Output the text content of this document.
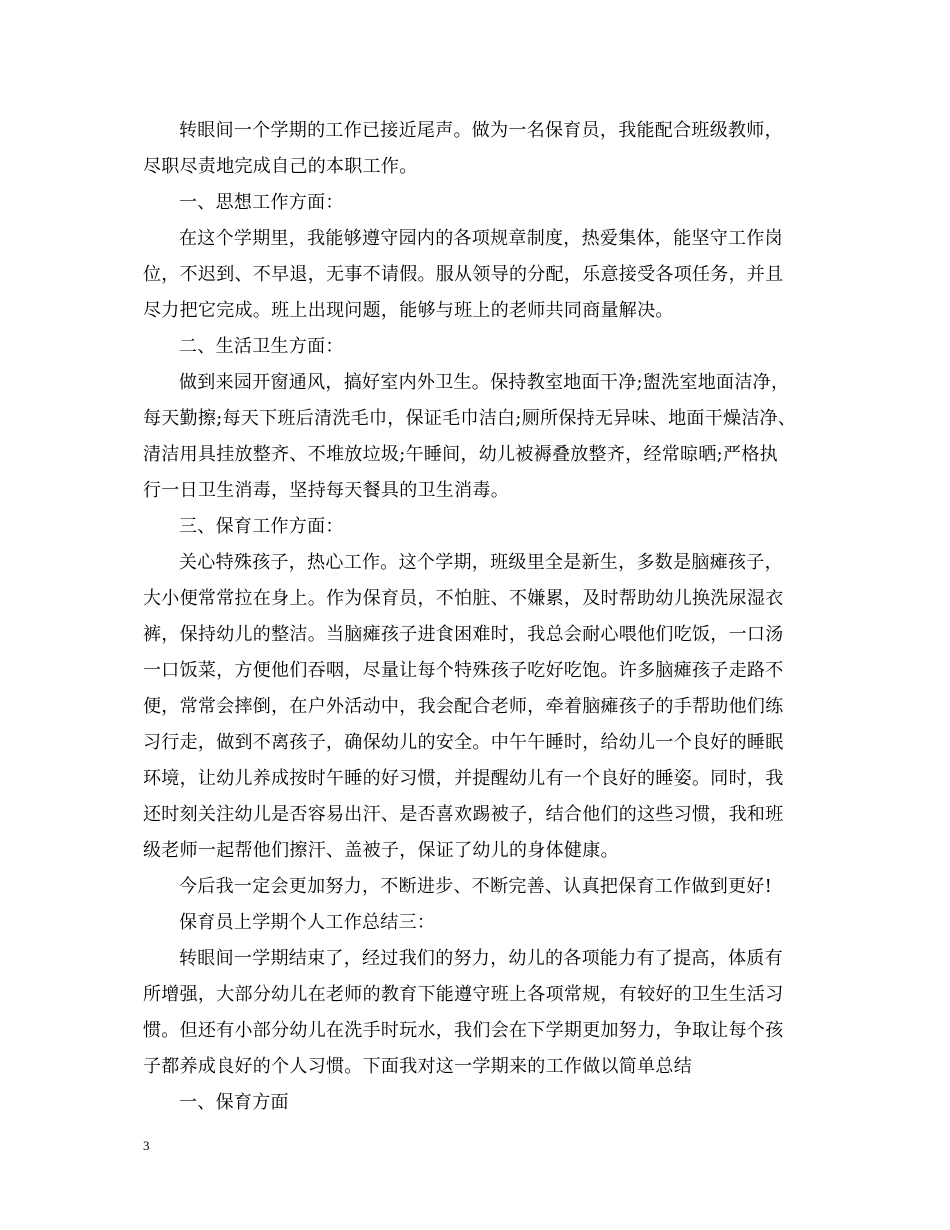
转眼间一个学期的工作已接近尾声。做为一名保育员，我能配合班级教师，
尽职尽责地完成自己的本职工作。
一、思想工作方面：
在这个学期里，我能够遵守园内的各项规章制度，热爱集体，能坚守工作岗
位，不迟到、不早退，无事不请假。服从领导的分配，乐意接受各项任务，并且
尽力把它完成。班上出现问题，能够与班上的老师共同商量解决。
二、生活卫生方面：
做到来园开窗通风，搞好室内外卫生。保持教室地面干净;盥洗室地面洁净，
每天勤擦;每天下班后清洗毛巾，保证毛巾洁白;厕所保持无异味、地面干燥洁净、
清洁用具挂放整齐、不堆放垃圾;午睡间，幼儿被褥叠放整齐，经常晾晒;严格执
行一日卫生消毒，坚持每天餐具的卫生消毒。
三、保育工作方面：
关心特殊孩子，热心工作。这个学期，班级里全是新生，多数是脑瘫孩子，
大小便常常拉在身上。作为保育员，不怕脏、不嫌累，及时帮助幼儿换洗尿湿衣
裤，保持幼儿的整洁。当脑瘫孩子进食困难时，我总会耐心喂他们吃饭，一口汤
一口饭菜，方便他们吞咽，尽量让每个特殊孩子吃好吃饱。许多脑瘫孩子走路不
便，常常会摔倒，在户外活动中，我会配合老师，牵着脑瘫孩子的手帮助他们练
习行走，做到不离孩子，确保幼儿的安全。中午午睡时，给幼儿一个良好的睡眠
环境，让幼儿养成按时午睡的好习惯，并提醒幼儿有一个良好的睡姿。同时，我
还时刻关注幼儿是否容易出汗、是否喜欢踢被子，结合他们的这些习惯，我和班
级老师一起帮他们擦汗、盖被子，保证了幼儿的身体健康。
今后我一定会更加努力，不断进步、不断完善、认真把保育工作做到更好!
保育员上学期个人工作总结三：
转眼间一学期结束了，经过我们的努力，幼儿的各项能力有了提高，体质有
所增强，大部分幼儿在老师的教育下能遵守班上各项常规，有较好的卫生生活习
惯。但还有小部分幼儿在洗手时玩水，我们会在下学期更加努力，争取让每个孩
子都养成良好的个人习惯。下面我对这一学期来的工作做以简单总结
一、保育方面
3
